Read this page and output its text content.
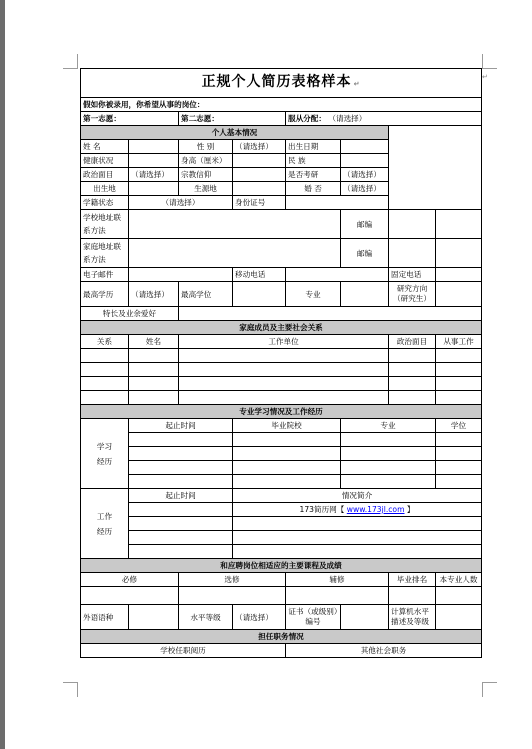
正规个人简历表格样本 ↵							
假如你被录用，你希望从事的岗位：							
第一志愿：		第二志愿：		服从分配： （请选择）			
个人基本情况							
姓 名		性 别	（请选择）	出生日期			
健康状况		身高（厘米）		民 族			
政治面目	（请选择）	宗教信仰		是否考研	（请选择）		
出生地		生源地		婚 否	（请选择）		
学籍状态	（请选择）		身份证号				
学校地址联系方法					邮编		
家庭地址联系方法					邮编		
电子邮件			移动电话			固定电话	
最高学历	（请选择）	最高学位		专业		研究方向（研究生）	
特长及业余爱好							
家庭成员及主要社会关系							
关系	姓名	工作单位				政治面目	从事工作

专业学习情况及工作经历							
学习经历	起止时间		毕业院校		专业		学位

工作经历	起止时间		情况简介				
			173简历网【 www.173jl.com 】				

和应聘岗位相适应的主要课程及成绩							
必修		选修		辅修		毕业排名	本专业人数

外语语种		水平等级	（请选择）	证书（或级别）编号		计算机水平描述及等级	
担任职务情况							
学校任职阅历				其他社会职务			
↵
